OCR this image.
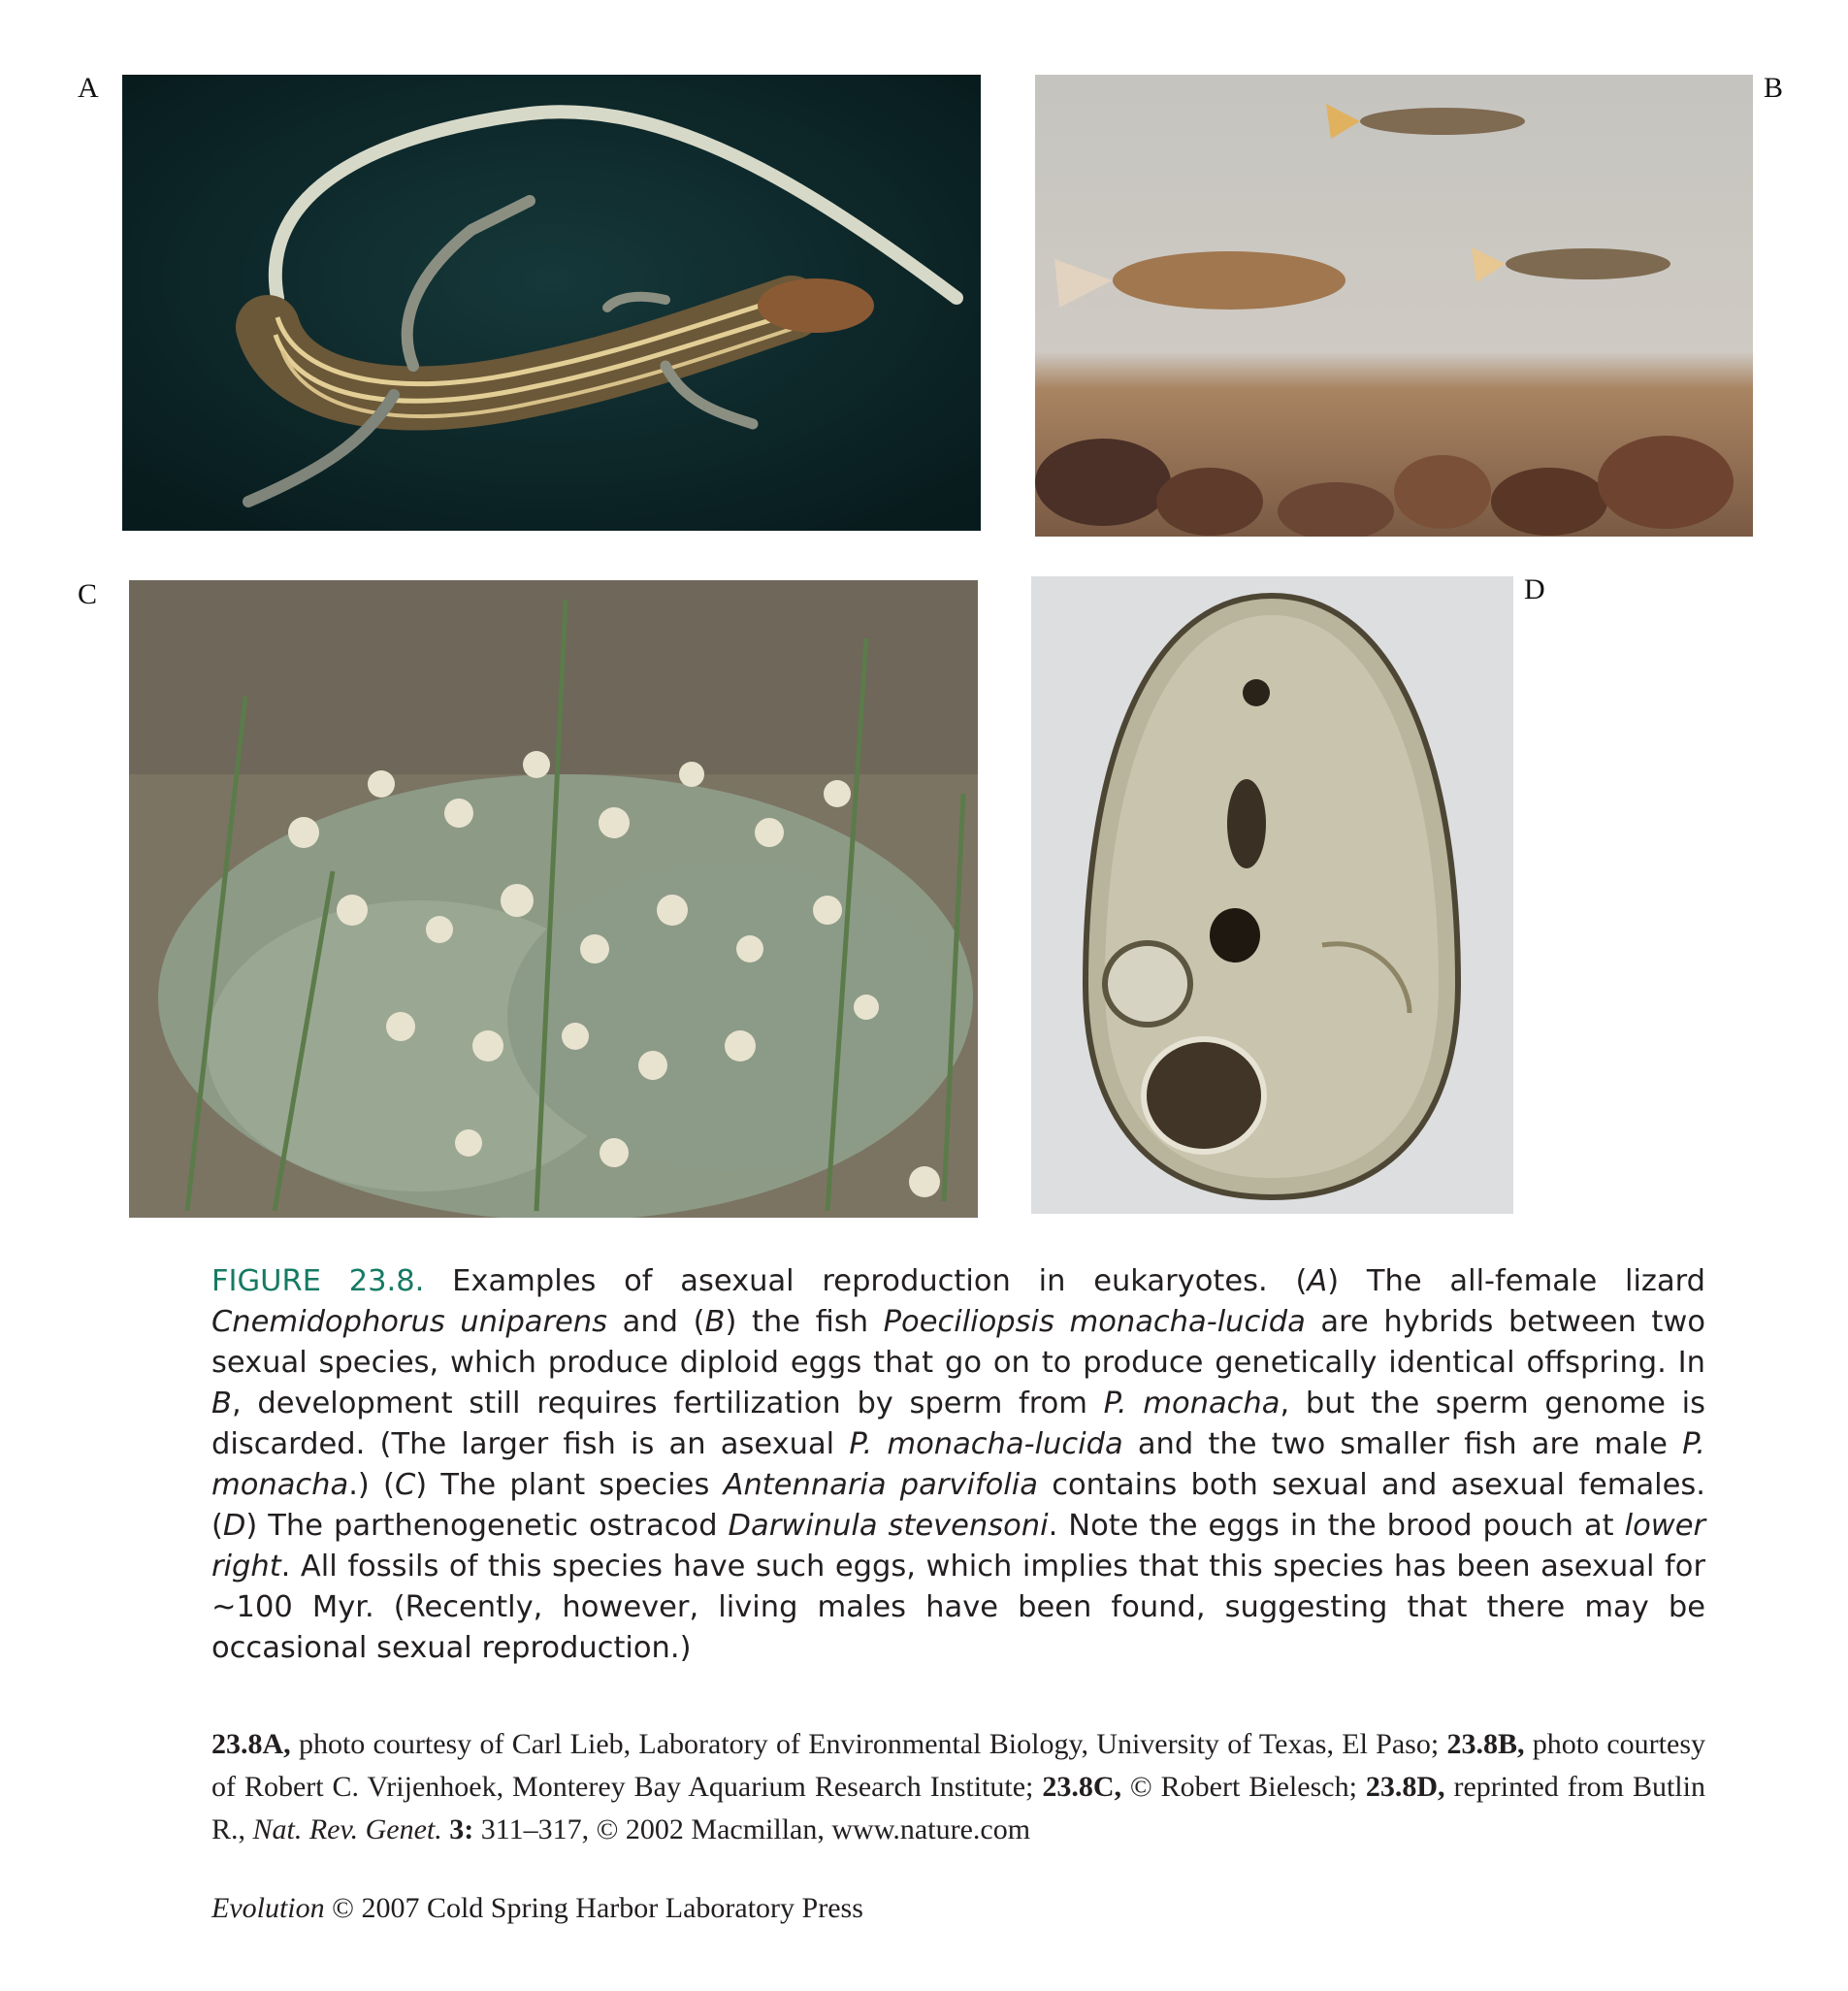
A	B
C	D
FIGURE 23.8. Examples of asexual reproduction in eukaryotes. (A) The all-female lizard Cnemidophorus uniparens and (B) the fish Poeciliopsis monacha-lucida are hybrids between two sexual species, which produce diploid eggs that go on to produce genetically identical offspring. In B, development still requires fertilization by sperm from P. monacha, but the sperm genome is discarded. (The larger fish is an asexual P. monacha-lucida and the two smaller fish are male P. monacha.) (C) The plant species Antennaria parvifolia contains both sexual and asexual females. (D) The parthenogenetic ostracod Darwinula stevensoni. Note the eggs in the brood pouch at lower right. All fossils of this species have such eggs, which implies that this species has been asexual for ~100 Myr. (Recently, however, living males have been found, suggesting that there may be occasional sexual reproduction.)
23.8A, photo courtesy of Carl Lieb, Laboratory of Environmental Biology, University of Texas, El Paso; 23.8B, photo courtesy of Robert C. Vrijenhoek, Monterey Bay Aquarium Research Institute; 23.8C, © Robert Bielesch; 23.8D, reprinted from Butlin R., Nat. Rev. Genet. 3: 311–317, © 2002 Macmillan, www.nature.com
Evolution © 2007 Cold Spring Harbor Laboratory Press
